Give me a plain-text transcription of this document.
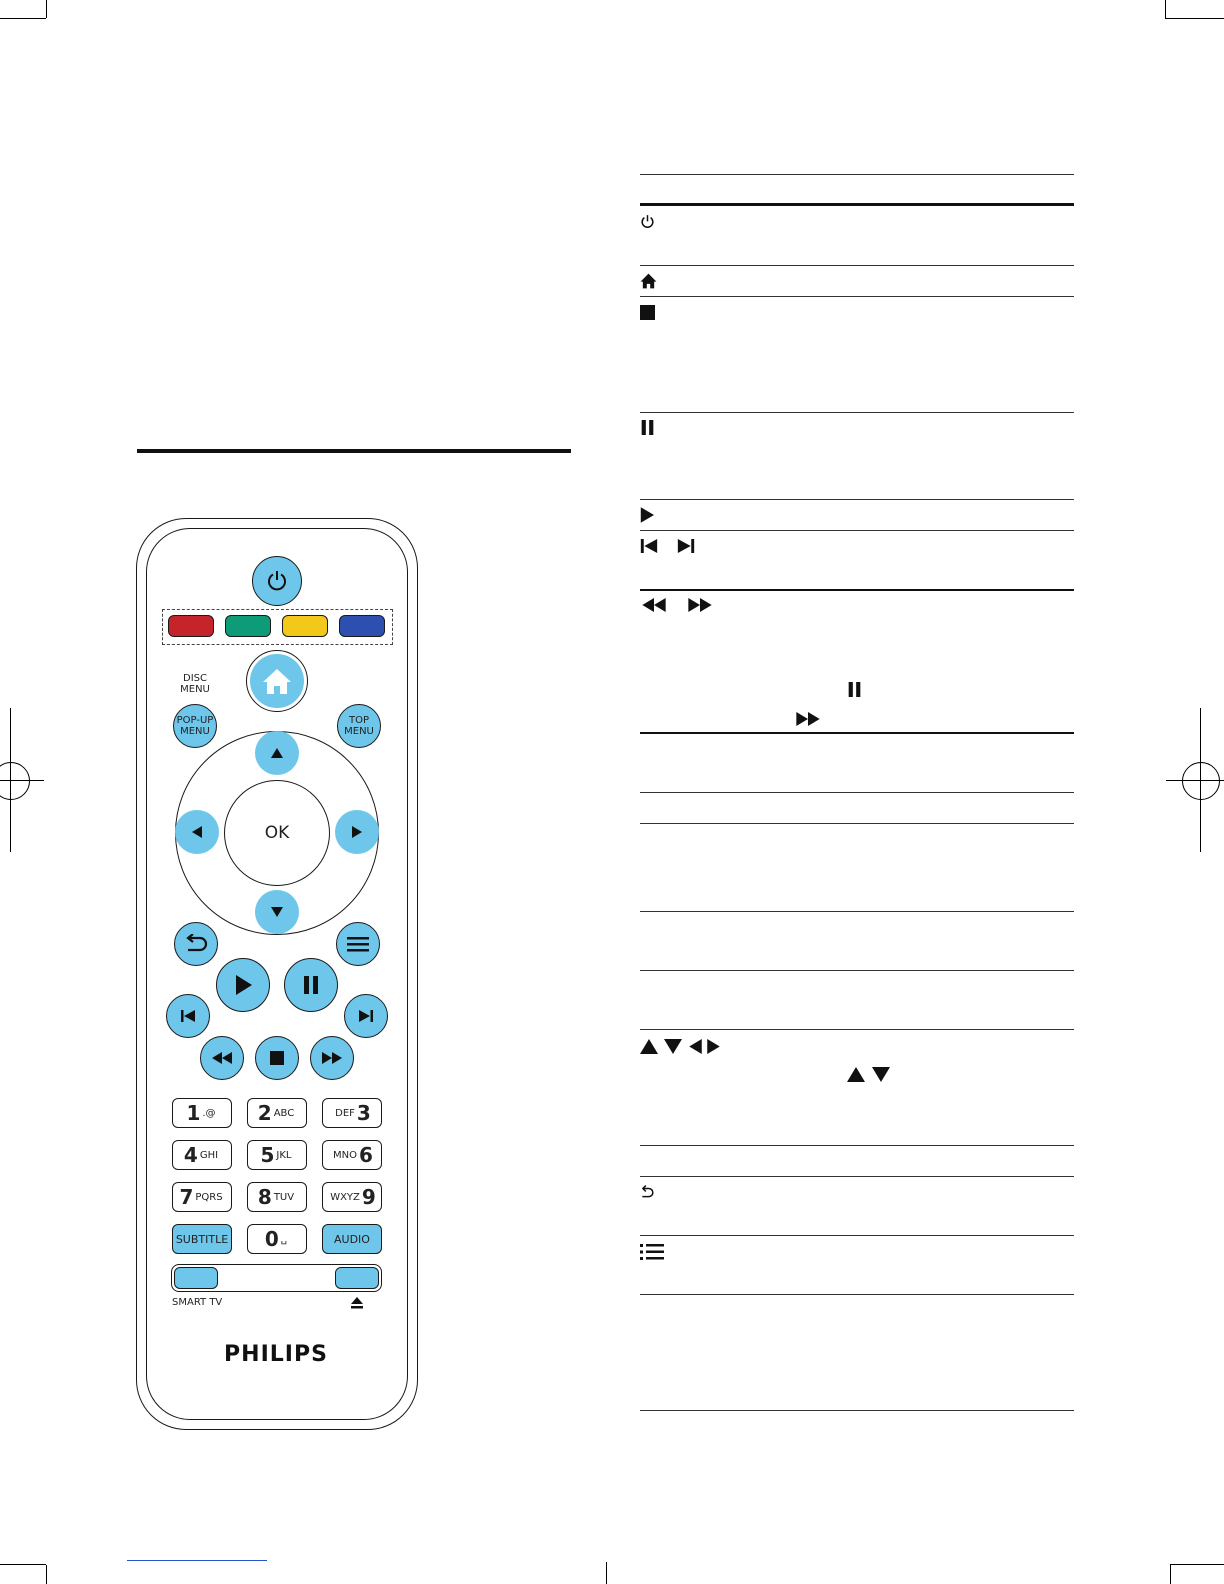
DISC
MENU
POP-UP
MENU
TOP
MENU
OK
1 .@ 2 ABC	DEF 3
4 GHI 5 JKL	MNO 6
7 PQRS 8 TUV	WXYZ 9
SUBTITLE 0 ␣	AUDIO
SMART TV
PHILIPS
